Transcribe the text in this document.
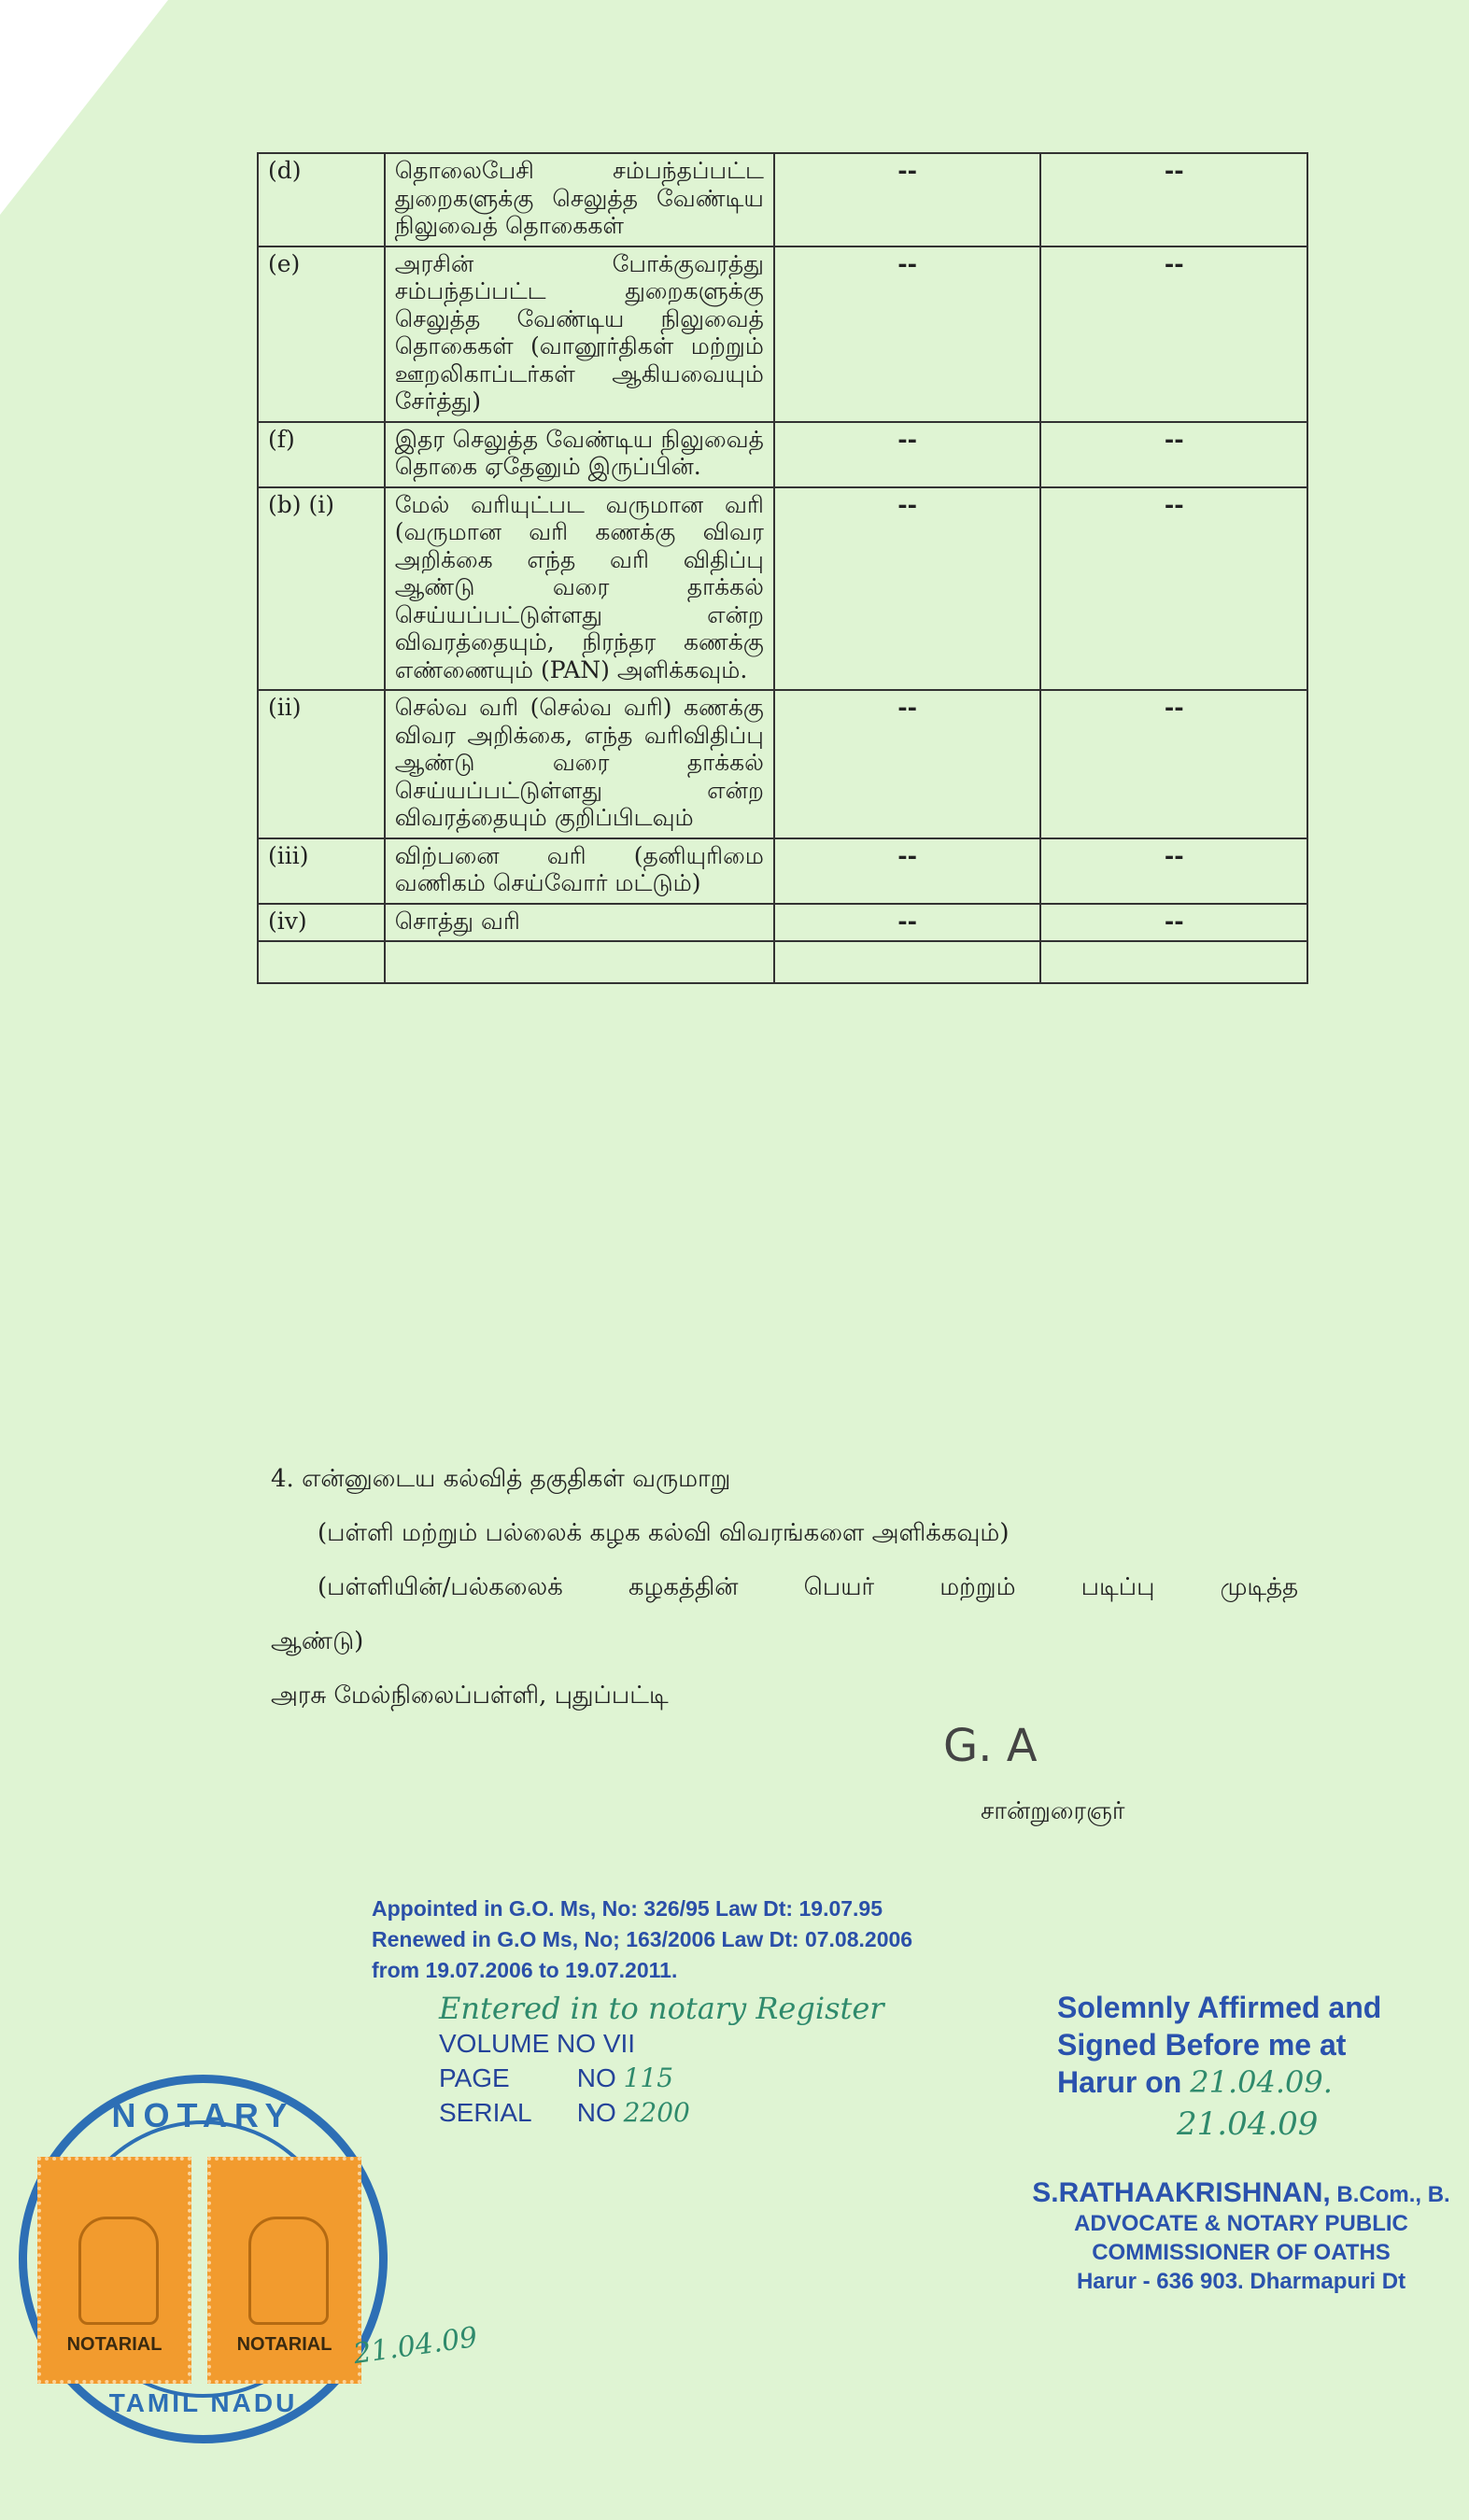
(d)	தொலைபேசி சம்பந்தப்பட்ட துறைகளுக்கு செலுத்த வேண்டிய நிலுவைத் தொகைகள்	--	--
(e)	அரசின் போக்குவரத்து சம்பந்தப்பட்ட துறைகளுக்கு செலுத்த வேண்டிய நிலுவைத் தொகைகள் (வானூர்திகள் மற்றும் ஊறலிகாப்டர்கள் ஆகியவையும் சேர்த்து)	--	--
(f)	இதர செலுத்த வேண்டிய நிலுவைத் தொகை ஏதேனும் இருப்பின்.	--	--
(b) (i)	மேல் வரியுட்பட வருமான வரி (வருமான வரி கணக்கு விவர அறிக்கை எந்த வரி விதிப்பு ஆண்டு வரை தாக்கல் செய்யப்பட்டுள்ளது என்ற விவரத்தையும், நிரந்தர கணக்கு எண்ணையும் (PAN) அளிக்கவும்.	--	--
(ii)	செல்வ வரி (செல்வ வரி) கணக்கு விவர அறிக்கை, எந்த வரிவிதிப்பு ஆண்டு வரை தாக்கல் செய்யப்பட்டுள்ளது என்ற விவரத்தையும் குறிப்பிடவும்	--	--
(iii)	விற்பனை வரி (தனியுரிமை வணிகம் செய்வோர் மட்டும்)	--	--
(iv)	சொத்து வரி	--	--

4. என்னுடைய கல்வித் தகுதிகள் வருமாறு
(பள்ளி மற்றும் பல்லைக் கழக கல்வி விவரங்களை அளிக்கவும்)
(பள்ளியின்/பல்கலைக் கழகத்தின் பெயர் மற்றும் படிப்பு முடித்த
ஆண்டு)
அரசு மேல்நிலைப்பள்ளி, புதுப்பட்டி
G. A
சான்றுரைஞர்
Appointed in G.O. Ms, No: 326/95 Law Dt: 19.07.95
Renewed in G.O Ms, No; 163/2006 Law Dt: 07.08.2006
from 19.07.2006 to 19.07.2011.
Entered in to notary Register
VOLUME NO VII
PAGE	NO 115
SERIAL NO 2200
Solemnly Affirmed and
Signed Before me at
Harur on 21.04.09.
21.04.09
S.RATHAAKRISHNAN, B.Com., B.
ADVOCATE & NOTARY PUBLIC
COMMISSIONER OF OATHS
Harur - 636 903. Dharmapuri Dt
NOTARY
TAMIL NADU
NOTARIAL	NOTARIAL 21.04.09
